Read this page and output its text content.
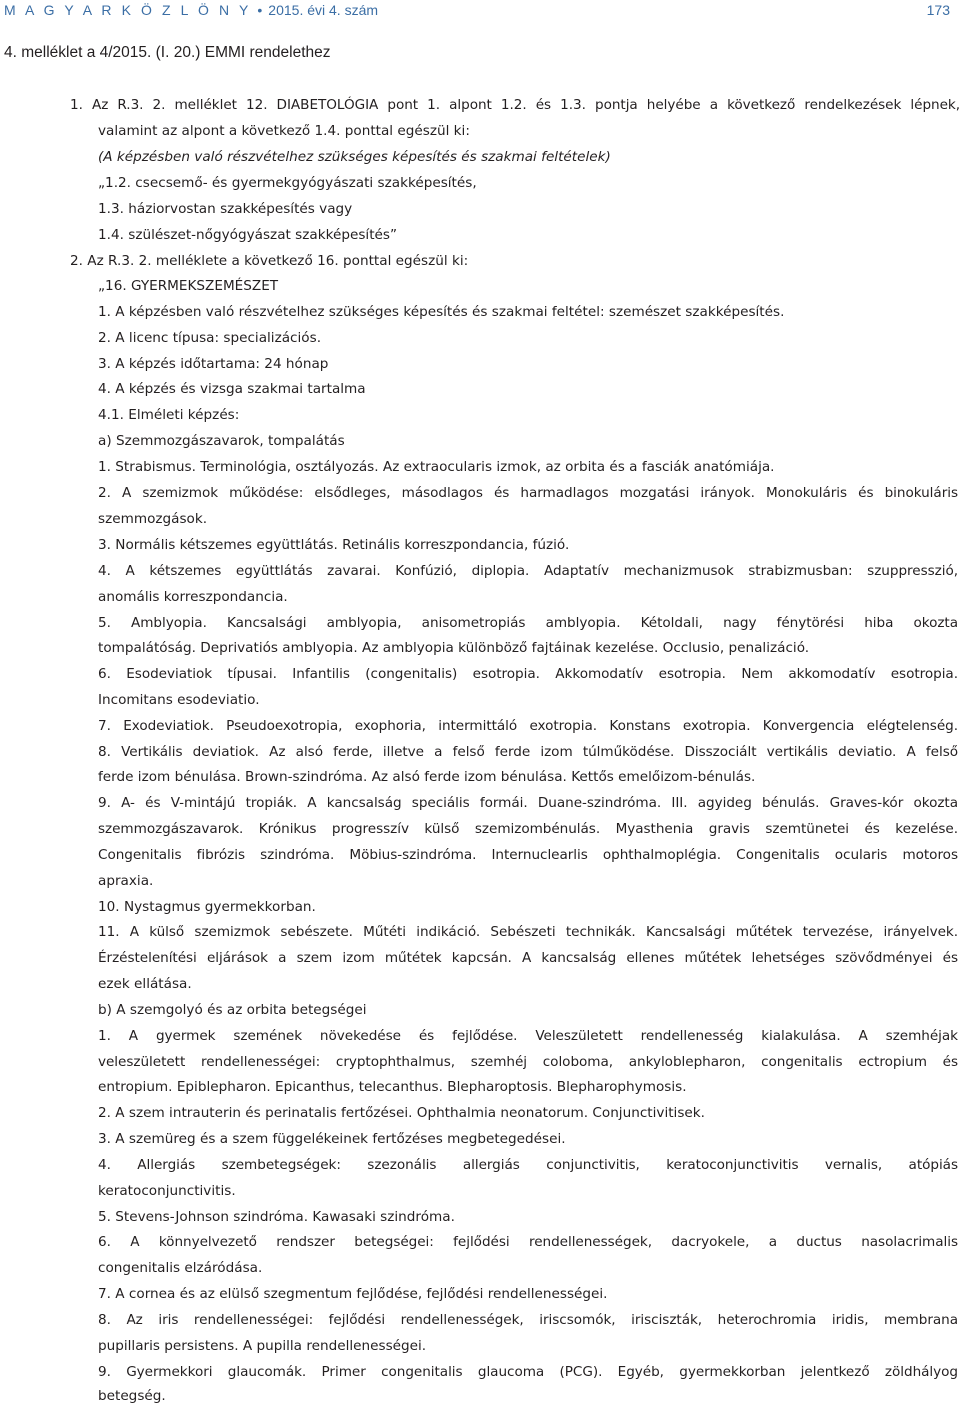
M A G Y A R K Ö Z L Ö N Y • 2015. évi 4. szám	173
4. melléklet a 4/2015. (I. 20.) EMMI rendelethez
1. Az R.3. 2. melléklet 12. DIABETOLÓGIA pont 1. alpont 1.2. és 1.3. pontja helyébe a következő rendelkezések lépnek,
valamint az alpont a következő 1.4. ponttal egészül ki:
(A képzésben való részvételhez szükséges képesítés és szakmai feltételek)
„1.2. csecsemő- és gyermekgyógyászati szakképesítés,
1.3. háziorvostan szakképesítés vagy
1.4. szülészet-nőgyógyászat szakképesítés”
2. Az R.3. 2. melléklete a következő 16. ponttal egészül ki:
„16. GYERMEKSZEMÉSZET
1. A képzésben való részvételhez szükséges képesítés és szakmai feltétel: szemészet szakképesítés.
2. A licenc típusa: specializációs.
3. A képzés időtartama: 24 hónap
4. A képzés és vizsga szakmai tartalma
4.1. Elméleti képzés:
a) Szemmozgászavarok, tompalátás
1. Strabismus. Terminológia, osztályozás. Az extraocularis izmok, az orbita és a fasciák anatómiája.
2. A szemizmok működése: elsődleges, másodlagos és harmadlagos mozgatási irányok. Monokuláris és binokuláris
szemmozgások.
3. Normális kétszemes együttlátás. Retinális korreszpondancia, fúzió.
4. A kétszemes együttlátás zavarai. Konfúzió, diplopia. Adaptatív mechanizmusok strabizmusban: szuppresszió,
anomális korreszpondancia.
5. Amblyopia. Kancsalsági amblyopia, anisometropiás amblyopia. Kétoldali, nagy fénytörési hiba okozta
tompalátóság. Deprivatiós amblyopia. Az amblyopia különböző fajtáinak kezelése. Occlusio, penalizáció.
6. Esodeviatiok típusai. Infantilis (congenitalis) esotropia. Akkomodatív esotropia. Nem akkomodatív esotropia.
Incomitans esodeviatio.
7. Exodeviatiok. Pseudoexotropia, exophoria, intermittáló exotropia. Konstans exotropia. Konvergencia elégtelenség.
8. Vertikális deviatiok. Az alsó ferde, illetve a felső ferde izom túlműködése. Disszociált vertikális deviatio. A felső
ferde izom bénulása. Brown-szindróma. Az alsó ferde izom bénulása. Kettős emelőizom-bénulás.
9. A- és V-mintájú tropiák. A kancsalság speciális formái. Duane-szindróma. III. agyideg bénulás. Graves-kór okozta
szemmozgászavarok. Krónikus progresszív külső szemizombénulás. Myasthenia gravis szemtünetei és kezelése.
Congenitalis fibrózis szindróma. Möbius-szindróma. Internuclearlis ophthalmoplégia. Congenitalis ocularis motoros
apraxia.
10. Nystagmus gyermekkorban.
11. A külső szemizmok sebészete. Műtéti indikáció. Sebészeti technikák. Kancsalsági műtétek tervezése, irányelvek.
Érzéstelenítési eljárások a szem izom műtétek kapcsán. A kancsalság ellenes műtétek lehetséges szövődményei és
ezek ellátása.
b) A szemgolyó és az orbita betegségei
1. A gyermek szemének növekedése és fejlődése. Veleszületett rendellenesség kialakulása. A szemhéjak
veleszületett rendellenességei: cryptophthalmus, szemhéj coloboma, ankyloblepharon, congenitalis ectropium és
entropium. Epiblepharon. Epicanthus, telecanthus. Blepharoptosis. Blepharophymosis.
2. A szem intrauterin és perinatalis fertőzései. Ophthalmia neonatorum. Conjunctivitisek.
3. A szemüreg és a szem függelékeinek fertőzéses megbetegedései.
4. Allergiás szembetegségek: szezonális allergiás conjunctivitis, keratoconjunctivitis vernalis, atópiás
keratoconjunctivitis.
5. Stevens-Johnson szindróma. Kawasaki szindróma.
6. A könnyelvezető rendszer betegségei: fejlődési rendellenességek, dacryokele, a ductus nasolacrimalis
congenitalis elzáródása.
7. A cornea és az elülső szegmentum fejlődése, fejlődési rendellenességei.
8. Az iris rendellenességei: fejlődési rendellenességek, iriscsomók, irisciszták, heterochromia iridis, membrana
pupillaris persistens. A pupilla rendellenességei.
9. Gyermekkori glaucomák. Primer congenitalis glaucoma (PCG). Egyéb, gyermekkorban jelentkező zöldhályog
betegség.
